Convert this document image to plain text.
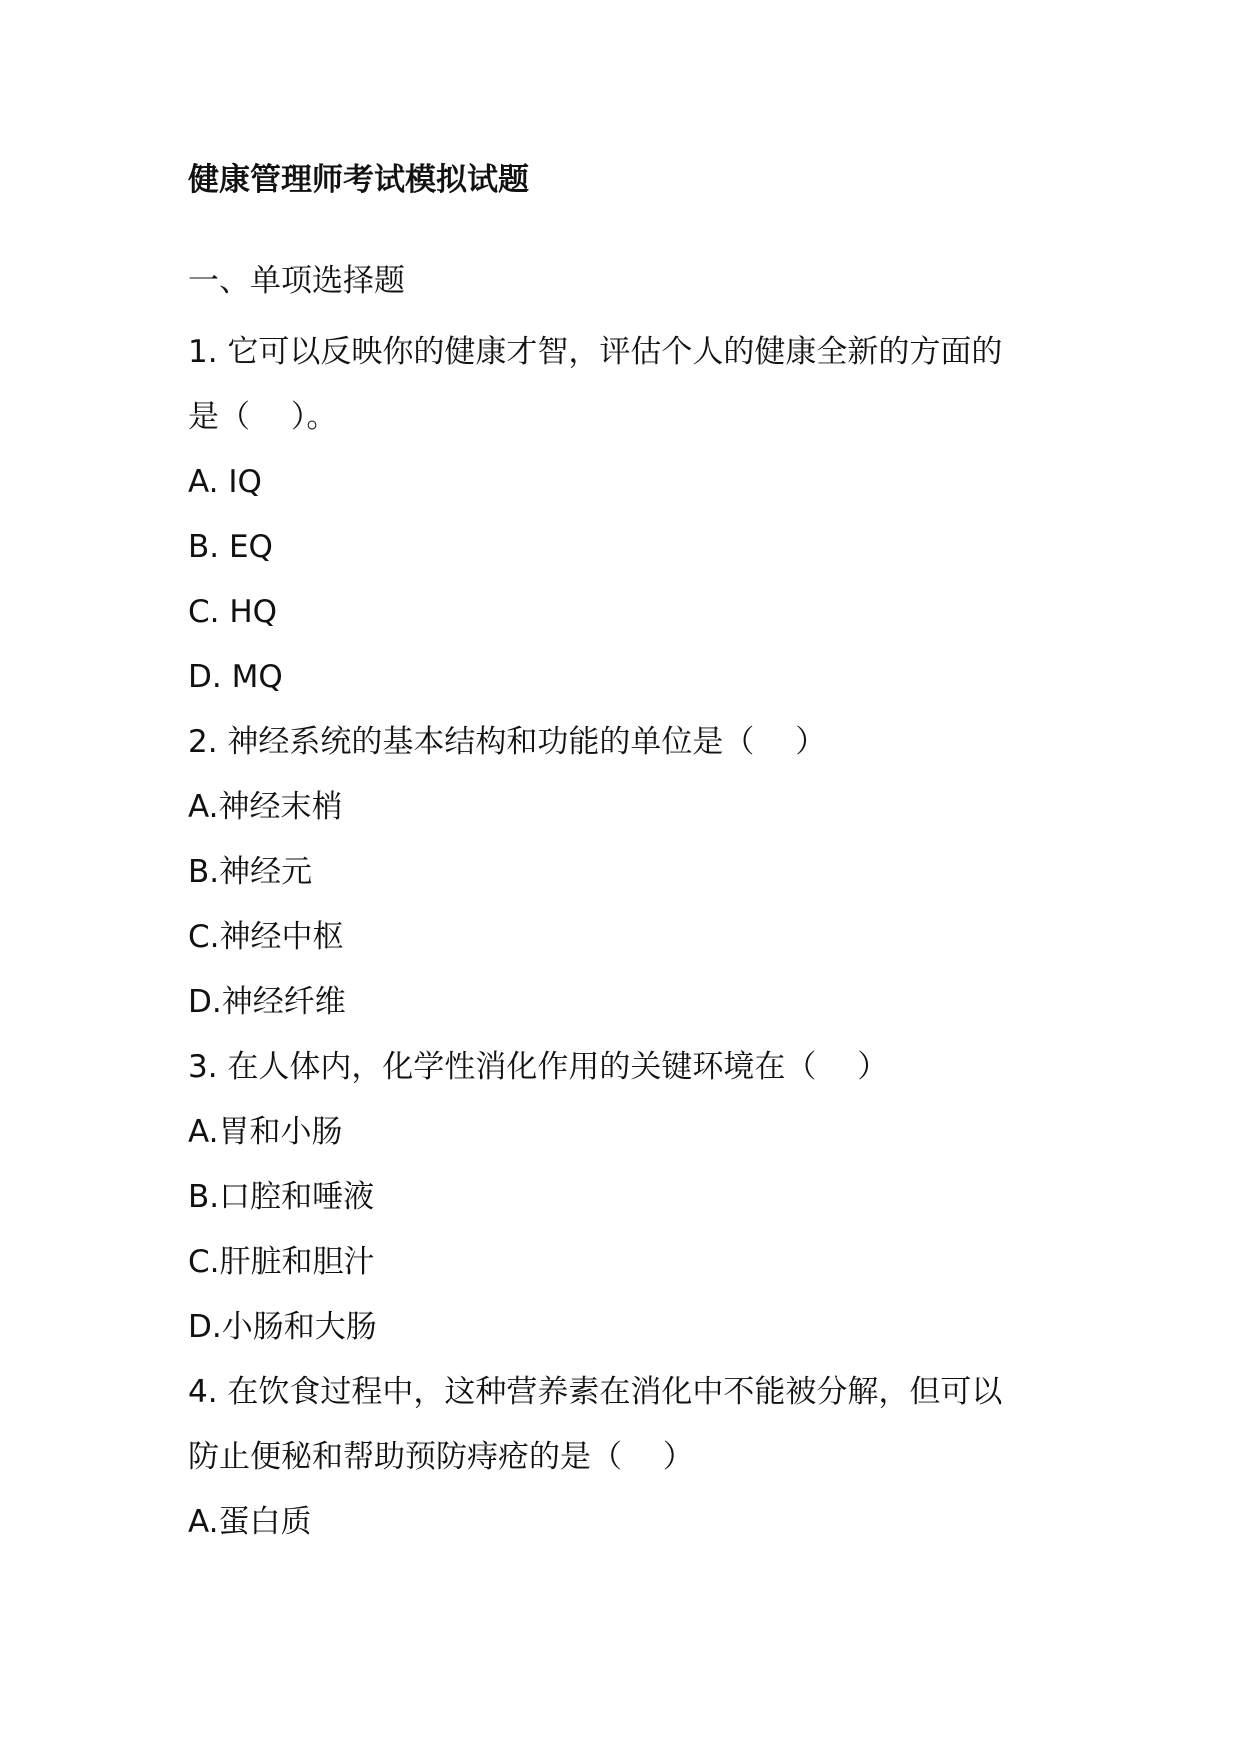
健康管理师考试模拟试题
一、单项选择题
1. 它可以反映你的健康才智，评估个人的健康全新的方面的
是（　 ）。
A. IQ
B. EQ
C. HQ
D. MQ
2. 神经系统的基本结构和功能的单位是（　 ）
A.神经末梢
B.神经元
C.神经中枢
D.神经纤维
3. 在人体内，化学性消化作用的关键环境在（　 ）
A.胃和小肠
B.口腔和唾液
C.肝脏和胆汁
D.小肠和大肠
4. 在饮食过程中，这种营养素在消化中不能被分解，但可以
防止便秘和帮助预防痔疮的是（　 ）
A.蛋白质
